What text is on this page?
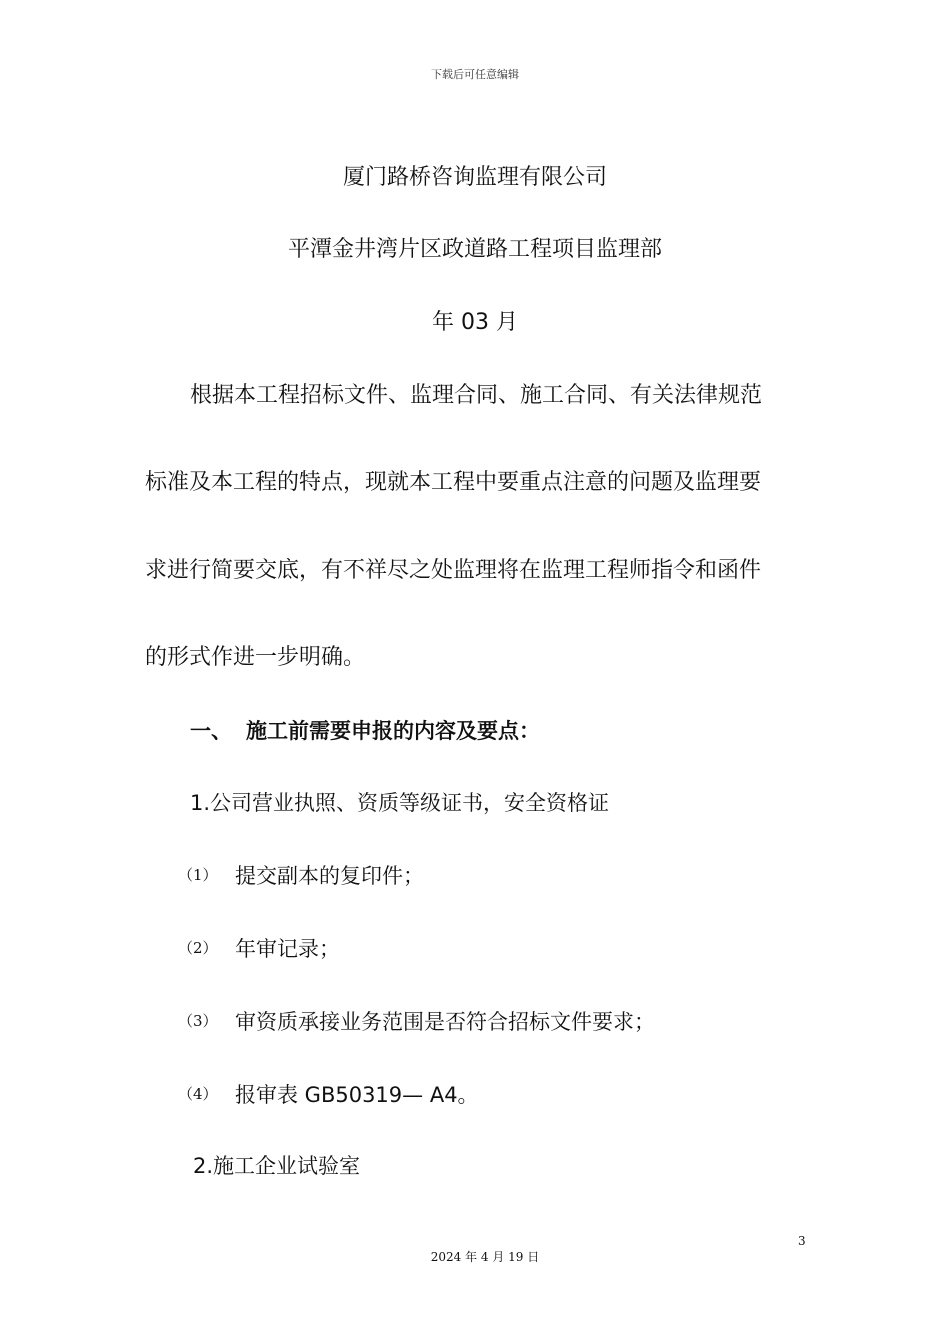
下载后可任意编辑
厦门路桥咨询监理有限公司
平潭金井湾片区政道路工程项目监理部
年 03 月
根据本工程招标文件、监理合同、施工合同、有关法律规范
标准及本工程的特点，现就本工程中要重点注意的问题及监理要
求进行简要交底，有不祥尽之处监理将在监理工程师指令和函件
的形式作进一步明确。
一、 施工前需要申报的内容及要点：
1.公司营业执照、资质等级证书，安全资格证
（1） 提交副本的复印件；
（2） 年审记录；
（3） 审资质承接业务范围是否符合招标文件要求；
（4） 报审表 GB50319— A4。
2.施工企业试验室
3
2024 年 4 月 19 日
